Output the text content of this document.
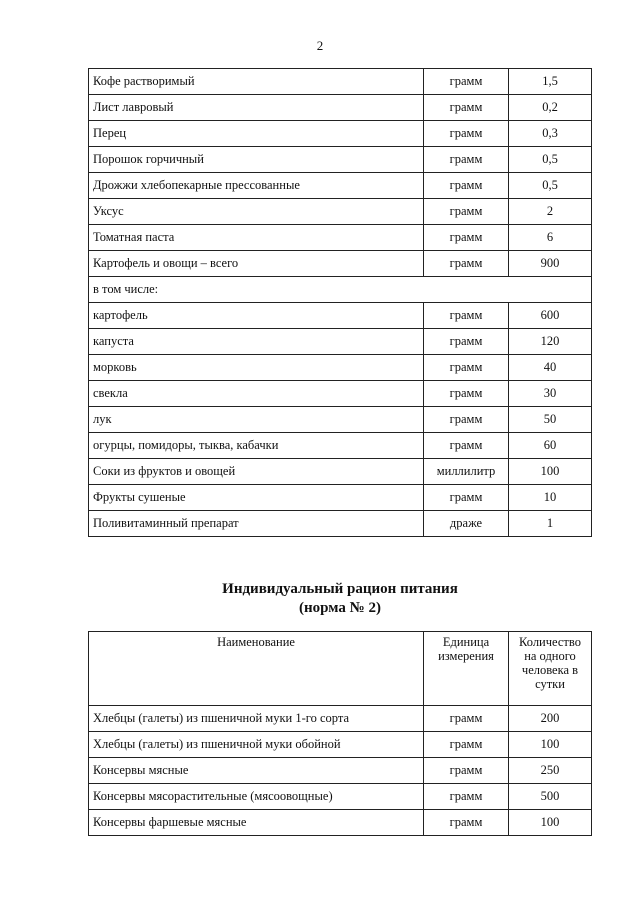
2
Кофе растворимый	грамм	1,5
Лист лавровый	грамм	0,2
Перец	грамм	0,3
Порошок горчичный	грамм	0,5
Дрожжи хлебопекарные прессованные	грамм	0,5
Уксус	грамм	2
Томатная паста	грамм	6
Картофель и овощи – всего	грамм	900
в том числе:		
картофель	грамм	600
капуста	грамм	120
морковь	грамм	40
свекла	грамм	30
лук	грамм	50
огурцы, помидоры, тыква, кабачки	грамм	60
Соки из фруктов и овощей	миллилитр	100
Фрукты сушеные	грамм	10
Поливитаминный препарат	драже	1
Индивидуальный рацион питания
(норма № 2)
Наименование	Единица измерения	Количество на одного человека в сутки
Хлебцы (галеты) из пшеничной муки 1-го сорта	грамм	200
Хлебцы (галеты) из пшеничной муки обойной	грамм	100
Консервы мясные	грамм	250
Консервы мясорастительные (мясоовощные)	грамм	500
Консервы фаршевые мясные	грамм	100
